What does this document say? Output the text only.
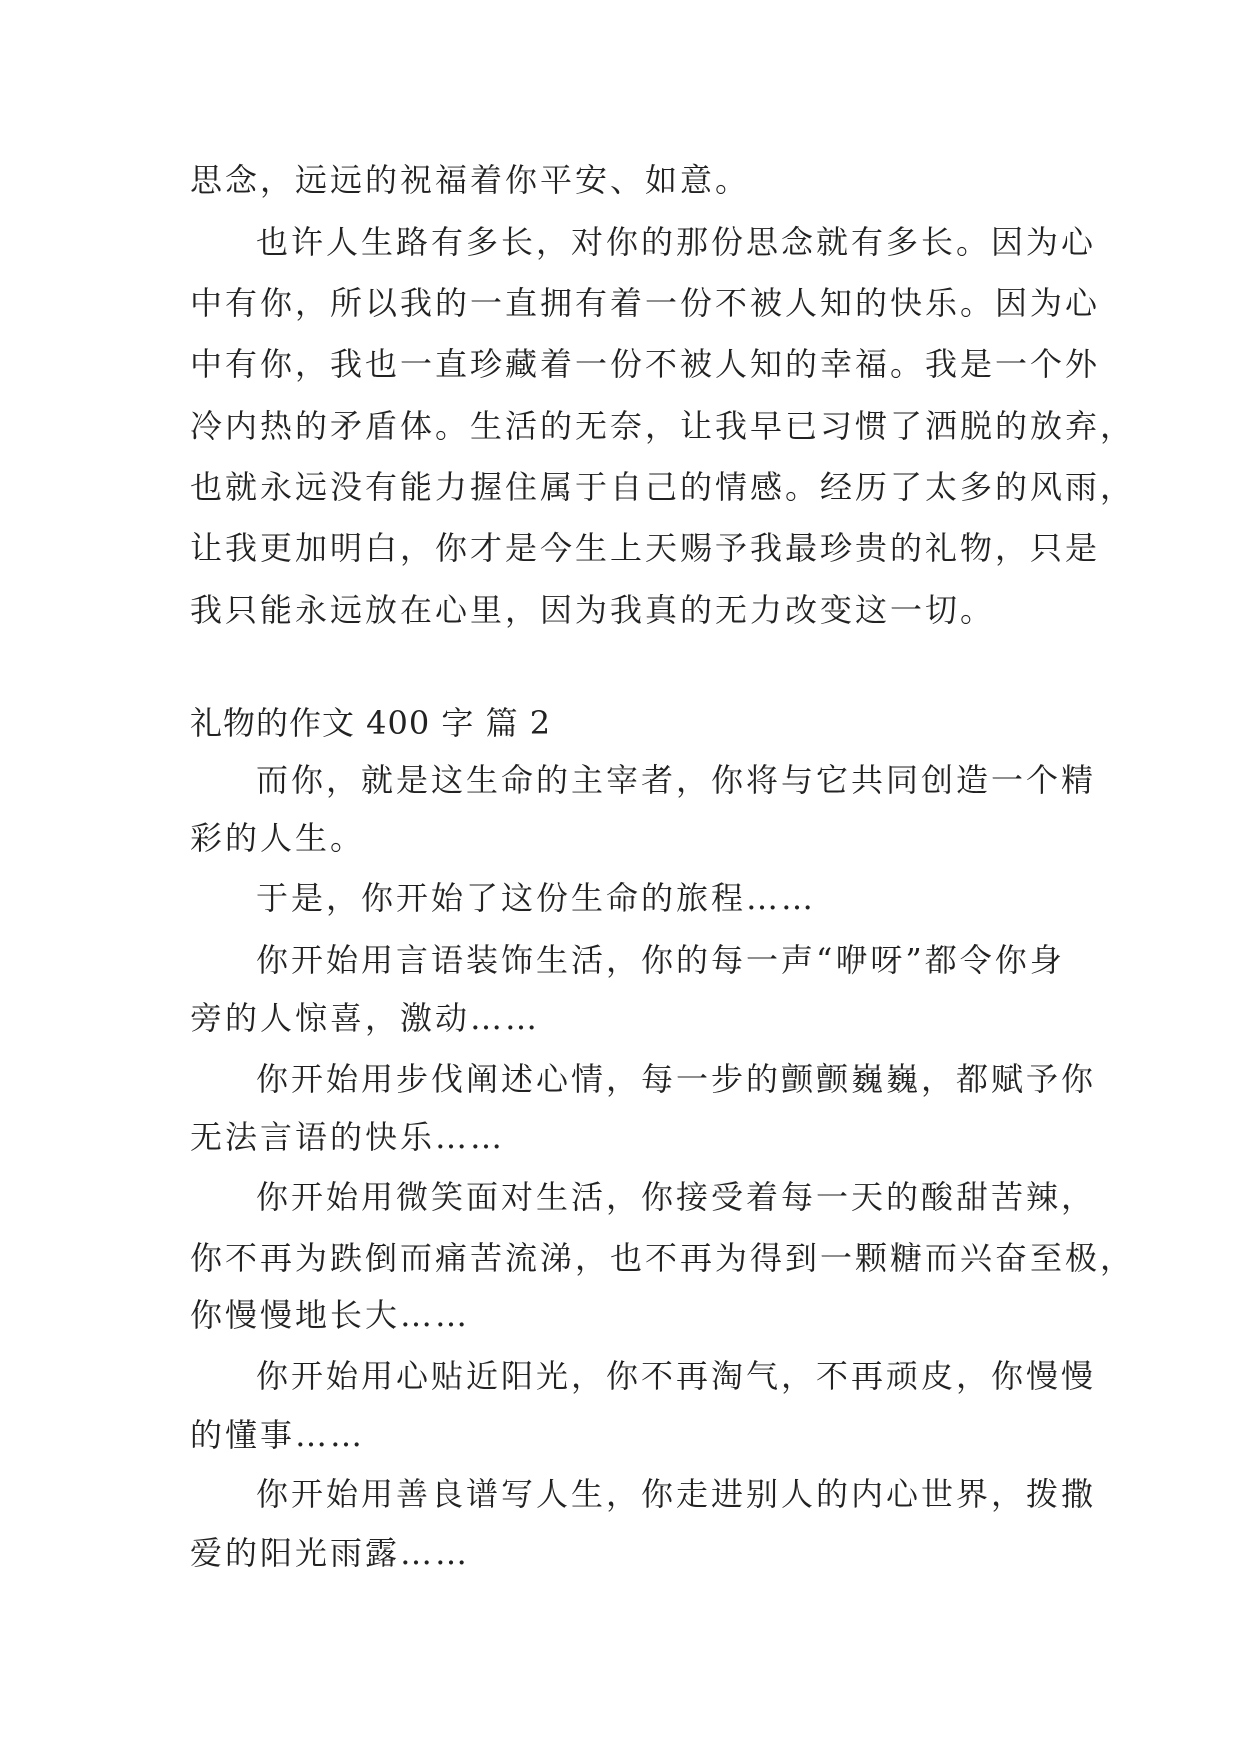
思念，远远的祝福着你平安、如意。
也许人生路有多长，对你的那份思念就有多长。因为心
中有你，所以我的一直拥有着一份不被人知的快乐。因为心
中有你，我也一直珍藏着一份不被人知的幸福。我是一个外
冷内热的矛盾体。生活的无奈，让我早已习惯了洒脱的放弃，
也就永远没有能力握住属于自己的情感。经历了太多的风雨，
让我更加明白，你才是今生上天赐予我最珍贵的礼物，只是
我只能永远放在心里，因为我真的无力改变这一切。
礼物的作文 400 字 篇 2
而你，就是这生命的主宰者，你将与它共同创造一个精
彩的人生。
于是，你开始了这份生命的旅程……
你开始用言语装饰生活，你的每一声“咿呀”都令你身
旁的人惊喜，激动……
你开始用步伐阐述心情，每一步的颤颤巍巍，都赋予你
无法言语的快乐……
你开始用微笑面对生活，你接受着每一天的酸甜苦辣，
你不再为跌倒而痛苦流涕，也不再为得到一颗糖而兴奋至极，
你慢慢地长大……
你开始用心贴近阳光，你不再淘气，不再顽皮，你慢慢
的懂事……
你开始用善良谱写人生，你走进别人的内心世界，拨撒
爱的阳光雨露……
